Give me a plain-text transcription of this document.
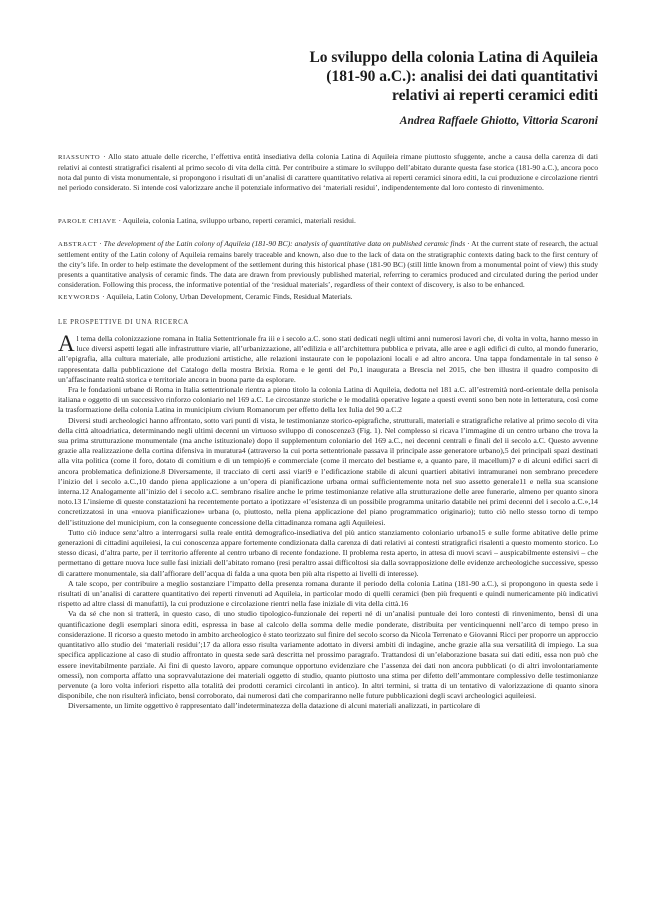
Lo sviluppo della colonia Latina di Aquileia
(181-90 a.C.): analisi dei dati quantitativi
relativi ai reperti ceramici editi
Andrea Raffaele Ghiotto, Vittoria Scaroni
RIASSUNTO · Allo stato attuale delle ricerche, l’effettiva entità insediativa della colonia Latina di Aquileia rimane piuttosto sfuggente, anche a causa della carenza di dati relativi ai contesti stratigrafici risalenti al primo secolo di vita della città. Per contribuire a stimare lo sviluppo dell’abitato durante questa fase storica (181-90 a.C.), ancora poco nota dal punto di vista monumentale, si propongono i risultati di un’analisi di carattere quantitativo relativa ai reperti ceramici sinora editi, la cui produzione e circolazione rientri nel periodo considerato. Si intende così valorizzare anche il potenziale informativo dei ‘materiali residui’, indipendentemente dal loro contesto di rinvenimento.
PAROLE CHIAVE · Aquileia, colonia Latina, sviluppo urbano, reperti ceramici, materiali residui.
ABSTRACT · The development of the Latin colony of Aquileia (181-90 BC): analysis of quantitative data on published ceramic finds · At the current state of research, the actual settlement entity of the Latin colony of Aquileia remains barely traceable and known, also due to the lack of data on the stratigraphic contexts dating back to the first century of the city’s life. In order to help estimate the development of the settlement during this historical phase (181-90 BC) (still little known from a monumental point of view) this study presents a quantitative analysis of ceramic finds. The data are drawn from previously published material, referring to ceramics produced and circulated during the period under consideration. Following this process, the informative potential of the ‘residual materials’, regardless of their context of discovery, is also to be enhanced.
KEYWORDS · Aquileia, Latin Colony, Urban Development, Ceramic Finds, Residual Materials.
LE PROSPETTIVE DI UNA RICERCA

Al tema della colonizzazione romana in Italia Settentrionale fra iii e i secolo a.C. sono stati dedicati negli ultimi anni numerosi lavori che, di volta in volta, hanno messo in luce diversi aspetti legati alle infrastrutture viarie, all’urbanizzazione, all’edilizia e all’architettura pubblica e privata, alle aree e agli edifici di culto, al mondo funerario, all’epigrafia, alla cultura materiale, alle produzioni artistiche, alle relazioni instaurate con le popolazioni locali e ad altro ancora. Una tappa fondamentale in tal senso è rappresentata dalla pubblicazione del Catalogo della mostra Brixia. Roma e le genti del Po,1 inaugurata a Brescia nel 2015, che ben illustra il quadro composito di un’affascinante realtà storica e territoriale ancora in buona parte da esplorare.

Fra le fondazioni urbane di Roma in Italia settentrionale rientra a pieno titolo la colonia Latina di Aquileia, dedotta nel 181 a.C. all’estremità nord-orientale della penisola italiana e oggetto di un successivo rinforzo coloniario nel 169 a.C. Le circostanze storiche e le modalità operative legate a questi eventi sono ben note in letteratura, così come la trasformazione della colonia Latina in municipium civium Romanorum per effetto della lex Iulia del 90 a.C.2

Diversi studi archeologici hanno affrontato, sotto vari punti di vista, le testimonianze storico-epigrafiche, strutturali, materiali e stratigrafiche relative al primo secolo di vita della città altoadriatica, determinando negli ultimi decenni un virtuoso sviluppo di conoscenze3 (Fig. 1). Nel complesso si ricava l’immagine di un centro urbano che trova la sua prima strutturazione monumentale (ma anche istituzionale) dopo il supplementum coloniario del 169 a.C., nei decenni centrali e finali del ii secolo a.C. Questo avvenne grazie alla realizzazione della cortina difensiva in muratura4 (attraverso la cui porta settentrionale passava il principale asse generatore urbano),5 dei principali spazi destinati alla vita politica (come il foro, dotato di comitium e di un tempio)6 e commerciale (come il mercato del bestiame e, a quanto pare, il macellum)7 e di alcuni edifici sacri di ancora problematica definizione.8 Diversamente, il tracciato di certi assi viari9 e l’edificazione stabile di alcuni quartieri abitativi intramuranei non sembrano precedere l’inizio del i secolo a.C.,10 dando piena applicazione a un’opera di pianificazione urbana ormai sufficientemente nota nel suo assetto generale11 e nella sua scansione interna.12 Analogamente all’inizio del i secolo a.C. sembrano risalire anche le prime testimonianze relative alla strutturazione delle aree funerarie, almeno per quanto sinora noto.13 L’insieme di queste constatazioni ha recentemente portato a ipotizzare «l’esistenza di un possibile programma unitario databile nei primi decenni del i secolo a.C.»,14 concretizzatosi in una «nuova pianificazione» urbana (o, piuttosto, nella piena applicazione del piano programmatico originario); tutto ciò nello stesso torno di tempo dell’istituzione del municipium, con la conseguente concessione della cittadinanza romana agli Aquileiesi.

Tutto ciò induce senz’altro a interrogarsi sulla reale entità demografico-insediativa del più antico stanziamento coloniario urbano15 e sulle forme abitative delle prime generazioni di cittadini aquileiesi, la cui conoscenza appare fortemente condizionata dalla carenza di dati relativi ai contesti stratigrafici risalenti a questo momento storico. Lo stesso dicasi, d’altra parte, per il territorio afferente al centro urbano di recente fondazione. Il problema resta aperto, in attesa di nuovi scavi – auspicabilmente estensivi – che permettano di gettare nuova luce sulle fasi iniziali dell’abitato romano (resi peraltro assai difficoltosi sia dalla sovrapposizione delle evidenze archeologiche successive, spesso di carattere monumentale, sia dall’affiorare dell’acqua di falda a una quota ben più alta rispetto ai livelli di interesse).

A tale scopo, per contribuire a meglio sostanziare l’impatto della presenza romana durante il periodo della colonia Latina (181-90 a.C.), si propongono in questa sede i risultati di un’analisi di carattere quantitativo dei reperti rinvenuti ad Aquileia, in particolar modo di quelli ceramici (ben più frequenti e quindi numericamente più indicativi rispetto ad altre classi di manufatti), la cui produzione e circolazione rientri nella fase iniziale di vita della città.16

Va da sé che non si tratterà, in questo caso, di uno studio tipologico-funzionale dei reperti né di un’analisi puntuale dei loro contesti di rinvenimento, bensì di una quantificazione degli esemplari sinora editi, espressa in base al calcolo della somma delle medie ponderate, distribuita per venticinquenni nell’arco di tempo preso in considerazione. Il ricorso a questo metodo in ambito archeologico è stato teorizzato sul finire del secolo scorso da Nicola Terrenato e Giovanni Ricci per proporre un approccio quantitativo allo studio dei ‘materiali residui’;17 da allora esso risulta variamente adottato in diversi ambiti di indagine, anche grazie alla sua versatilità di impiego. La sua specifica applicazione al caso di studio affrontato in questa sede sarà descritta nel prossimo paragrafo. Trattandosi di un’elaborazione basata sui dati editi, essa non può che essere inevitabilmente parziale. Ai fini di questo lavoro, appare comunque opportuno evidenziare che l’assenza dei dati non ancora pubblicati (o di altri involontariamente omessi), non comporta affatto una sopravvalutazione dei materiali oggetto di studio, quanto piuttosto una stima per difetto dell’ammontare complessivo delle testimonianze pervenute (a loro volta inferiori rispetto alla totalità dei prodotti ceramici circolanti in antico). In altri termini, si tratta di un tentativo di valorizzazione di quanto sinora disponibile, che non risulterà inficiato, bensì corroborato, dai numerosi dati che compariranno nelle future pubblicazioni degli scavi archeologici aquileiesi.

Diversamente, un limite oggettivo è rappresentato dall’indeterminatezza della datazione di alcuni materiali analizzati, in particolare di
